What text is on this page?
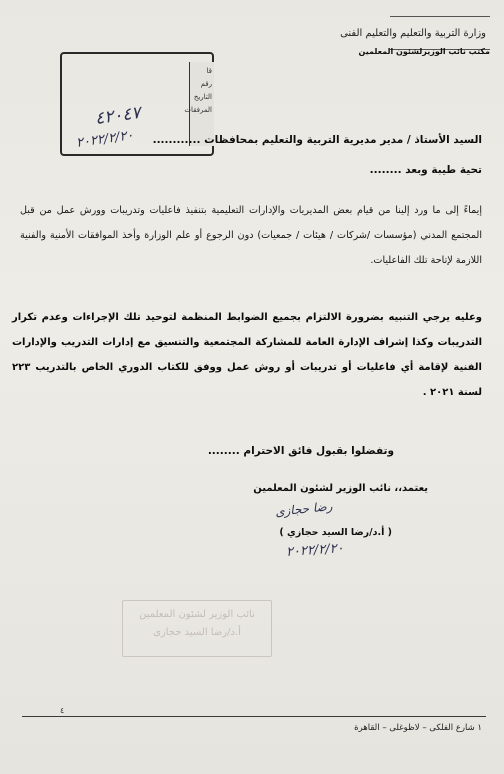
وزارة التربية والتعليم والتعليم الفنى
مكتب نائب الوزيرلشئون المعلمين
قا
رقم
التاريخ
المرفقات
٤٢٠٤٧
٢٠٢٢/٢/٢٠ السيد الأستاذ / مدير مديرية التربية والتعليم بمحافظات ............
تحية طيبة وبعد ........
إيماءً إلى ما ورد إلينا من قيام بعض المديريات والإدارات التعليمية بتنفيذ فاعليات وتدريبات وورش عمل من قبل المجتمع المدني (مؤسسات /شركات / هيئات / جمعيات) دون الرجوع أو علم الوزارة وأخذ الموافقات الأمنية والفنية اللازمة لإتاحة تلك الفاعليات.
وعليه يرجي التنبيه بضرورة الالتزام بجميع الضوابط المنظمة لتوحيد تلك الإجراءات وعدم تكرار التدريبات وكذا إشراف الإدارة العامة للمشاركة المجتمعية والتنسيق مع إدارات التدريب والإدارات الفنية لإقامة أي فاعليات أو تدريبات أو روش عمل ووفق للكتاب الدوري الخاص بالتدريب ٢٢٣ لسنة ٢٠٢١ .
وتفضلوا بقبول فائق الاحترام ........
يعتمد،، نائب الوزير لشئون المعلمين
رضا حجازى
( أ.د/رضا السيد حجازي )
٢٠٢٢/٢/٢٠
نائب الوزير لشئون المعلمين
أ.د/رضا السيد حجازى
٤
١ شارع الفلكى – لاظوغلى – القاهرة
